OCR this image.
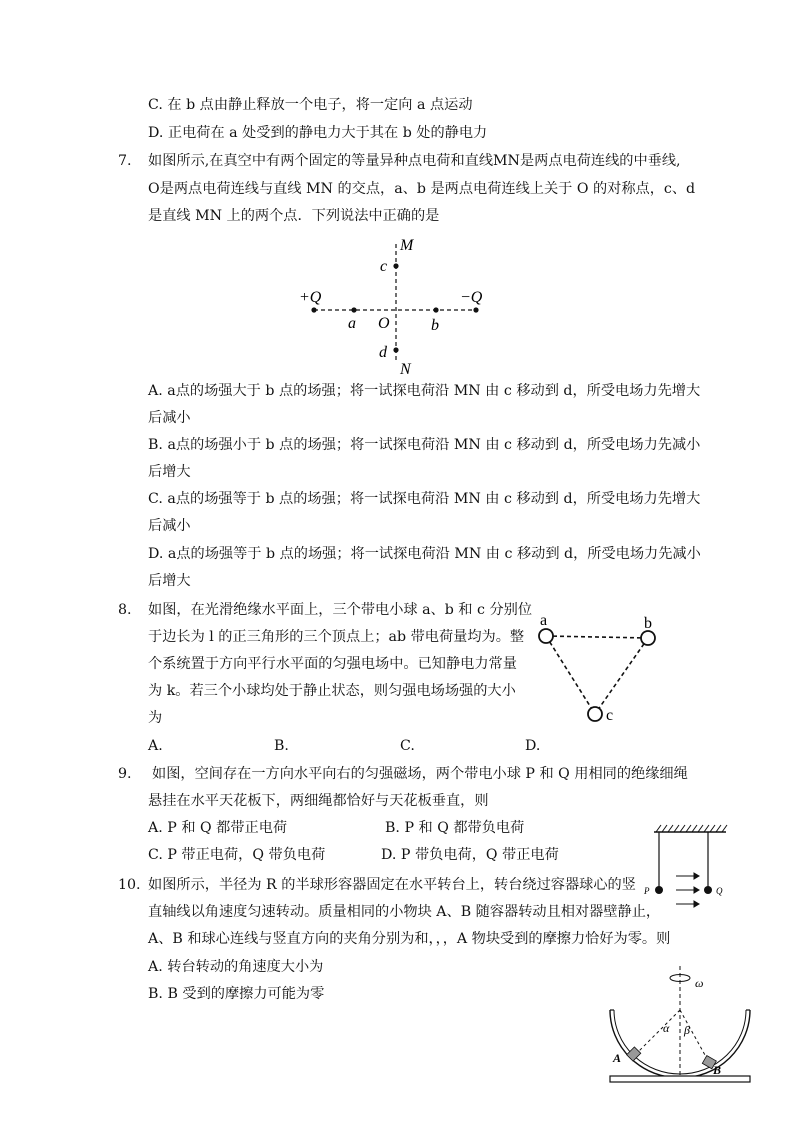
C. 在 b 点由静止释放一个电子，将一定向 a 点运动
D. 正电荷在 a 处受到的静电力大于其在 b 处的静电力
7. 如图所示,在真空中有两个固定的等量异种点电荷和直线MN是两点电荷连线的中垂线,
O是两点电荷连线与直线 MN 的交点，a、b 是两点电荷连线上关于 O 的对称点，c、d
是直线 MN 上的两个点．下列说法中正确的是
M
c
+Q	−Q
a O	b
d
N
A. a点的场强大于 b 点的场强；将一试探电荷沿 MN 由 c 移动到 d，所受电场力先增大
后减小
B. a点的场强小于 b 点的场强；将一试探电荷沿 MN 由 c 移动到 d，所受电场力先减小
后增大
C. a点的场强等于 b 点的场强；将一试探电荷沿 MN 由 c 移动到 d，所受电场力先增大
后减小
D. a点的场强等于 b 点的场强；将一试探电荷沿 MN 由 c 移动到 d，所受电场力先减小
后增大
8. 如图，在光滑绝缘水平面上，三个带电小球 a、b 和 c 分别位
于边长为 l 的正三角形的三个顶点上；ab 带电荷量均为。整
个系统置于方向平行水平面的匀强电场中。已知静电力常量
为 k。若三个小球均处于静止状态，则匀强电场场强的大小
为
a	b
c
A.	B.	C.	D.
9. 如图，空间存在一方向水平向右的匀强磁场，两个带电小球 P 和 Q 用相同的绝缘细绳
悬挂在水平天花板下，两细绳都恰好与天花板垂直，则
A. P 和 Q 都带正电荷	B. P 和 Q 都带负电荷
C. P 带正电荷，Q 带负电荷	D. P 带负电荷，Q 带正电荷
P	Q
10. 如图所示，半径为 R 的半球形容器固定在水平转台上，转台绕过容器球心的竖
直轴线以角速度匀速转动。质量相同的小物块 A、B 随容器转动且相对器壁静止，
A、B 和球心连线与竖直方向的夹角分别为和，，，A 物块受到的摩擦力恰好为零。则
A. 转台转动的角速度大小为
B. B 受到的摩擦力可能为零
ω
α β
A
B
